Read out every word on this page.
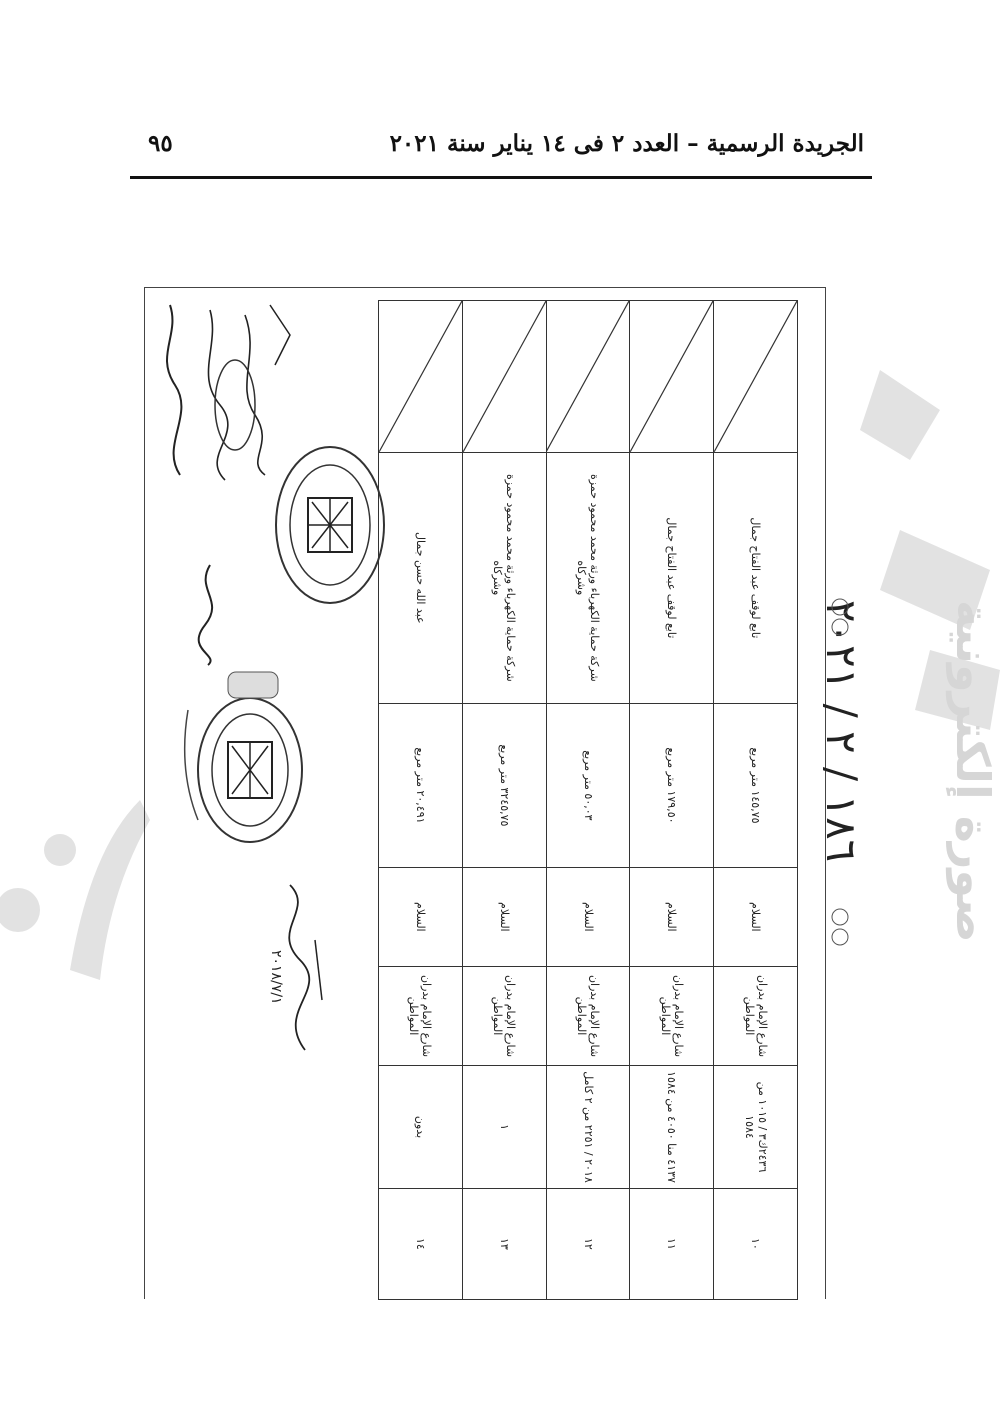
الجريدة الرسمية – العدد ٢ فى ١٤ يناير سنة ٢٠٢١
٩٥
١٠	٢٤٣٦ك٣ / ١٠١٥ من ١٥٨٤	شارع الإمام بدران المواطن	السلام	١٤٥,٧٥ متر مربع	تابع لوقف عبد الفتاح جمال	

١١	٤١٣٧ منا ٤٠٥٠ من ١٥٨٤	شارع الإمام بدران المواطن	السلام	١٧٩,٥٠ متر مربع	تابع لوقف عبد الفتاح جمال	

١٢	٢٠١٨ / ٢٢٥١ من ٢ كامل	شارع الإمام بدران المواطن	السلام	٥٠,٠٣ متر مربع	شركة حماية الكهرباء ورثة محمد محمود حمزة وشركاه	

١٣	١	شارع الإمام بدران المواطن	السلام	٣٢٤٥,٧٥ متر مربع	شركة حماية الكهرباء ورثة محمد محمود حمزة وشركاه	

١٤	بدون	شارع الإمام بدران المواطن	السلام	٢٠,٤٩١ متر مربع	عبد الله حسن جمال	
١٨٦ / ٢ / ٢٠٢١
٢٠١٨/٧/١
صورة إلكترونية
